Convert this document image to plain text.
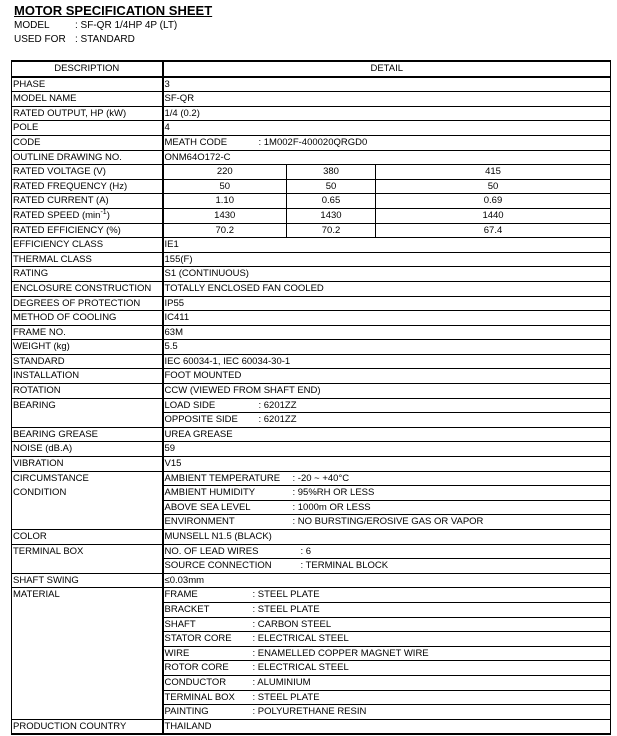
MOTOR SPECIFICATION SHEET
MODEL	: SF-QR 1/4HP 4P (LT)
USED FOR : STANDARD
DESCRIPTION	DETAIL		
PHASE	3		
MODEL NAME	SF-QR		
RATED OUTPUT, HP (kW)	1/4 (0.2)		
POLE	4		
CODE	MEATH CODE : 1M002F-400020QRGD0		
OUTLINE DRAWING NO.	ONM64O172-C		
RATED VOLTAGE (V)	220	380	415
RATED FREQUENCY (Hz)	50	50	50
RATED CURRENT (A)	1.10	0.65	0.69
RATED SPEED $(\min^{-1})$	1430	1430	1440
RATED EFFICIENCY (%)	70.2	70.2	67.4
EFFICIENCY CLASS	IE1		
THERMAL CLASS	155(F)		
RATING	S1 (CONTINUOUS)		
ENCLOSURE CONSTRUCTION	TOTALLY ENCLOSED FAN COOLED		
DEGREES OF PROTECTION	IP55		
METHOD OF COOLING	IC411		
FRAME NO.	63M		
WEIGHT (kg)	5.5		
STANDARD	IEC 60034-1, IEC 60034-30-1		
INSTALLATION	FOOT MOUNTED		
ROTATION	CCW (VIEWED FROM SHAFT END)		
BEARING	LOAD SIDE : 6201ZZ		
	OPPOSITE SIDE : 6201ZZ		
BEARING GREASE	UREA GREASE		
NOISE (dB.A)	59		
VIBRATION	V15		
CIRCUMSTANCE	AMBIENT TEMPERATURE : -20 ~ +40°C		
CONDITION	AMBIENT HUMIDITY : 95%RH OR LESS		
	ABOVE SEA LEVEL : 1000m OR LESS		
	ENVIRONMENT : NO BURSTING/EROSIVE GAS OR VAPOR		
COLOR	MUNSELL N1.5 (BLACK)		
TERMINAL BOX	NO. OF LEAD WIRES : 6		
	SOURCE CONNECTION : TERMINAL BLOCK		
SHAFT SWING	≤0.03mm		
MATERIAL	FRAME : STEEL PLATE		
	BRACKET : STEEL PLATE		
	SHAFT : CARBON STEEL		
	STATOR CORE : ELECTRICAL STEEL		
	WIRE : ENAMELLED COPPER MAGNET WIRE		
	ROTOR CORE : ELECTRICAL STEEL		
	CONDUCTOR : ALUMINIUM		
	TERMINAL BOX : STEEL PLATE		
	PAINTING : POLYURETHANE RESIN		
PRODUCTION COUNTRY	THAILAND		
